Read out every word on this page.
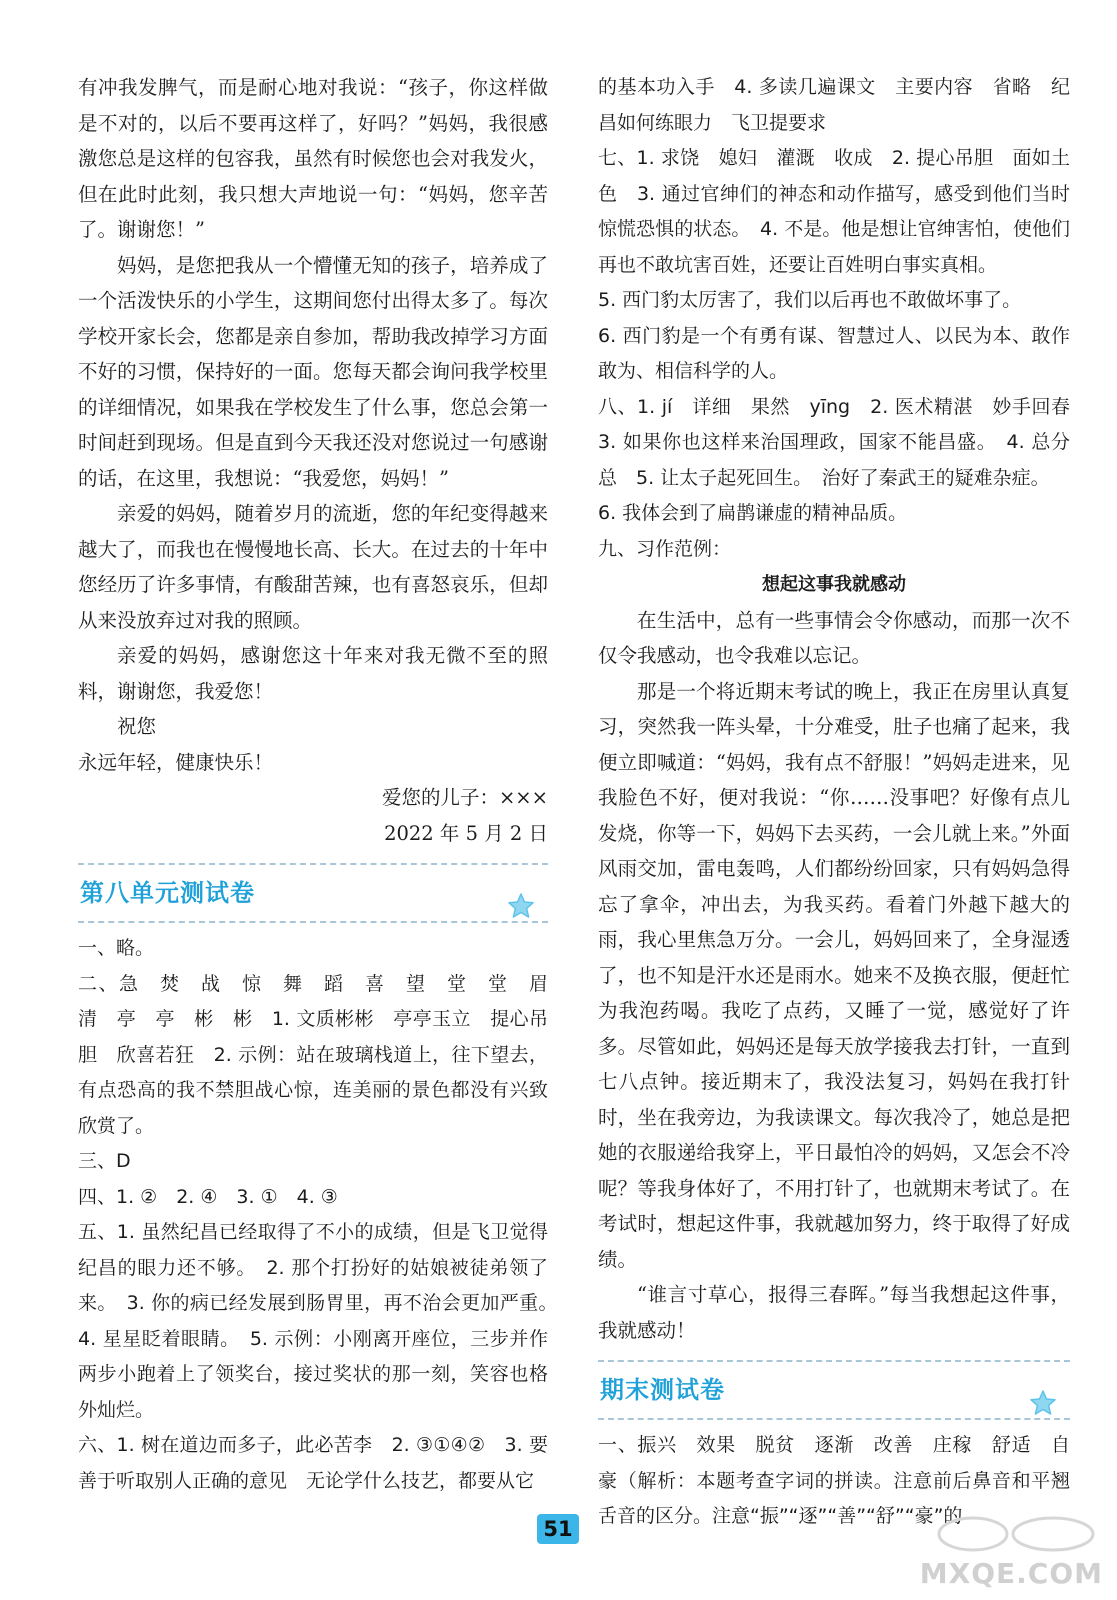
有冲我发脾气，而是耐心地对我说：“孩子，你这样做是不对的，以后不要再这样了，好吗？”妈妈，我很感激您总是这样的包容我，虽然有时候您也会对我发火，但在此时此刻，我只想大声地说一句：“妈妈，您辛苦了。谢谢您！”

妈妈，是您把我从一个懵懂无知的孩子，培养成了一个活泼快乐的小学生，这期间您付出得太多了。每次学校开家长会，您都是亲自参加，帮助我改掉学习方面不好的习惯，保持好的一面。您每天都会询问我学校里的详细情况，如果我在学校发生了什么事，您总会第一时间赶到现场。但是直到今天我还没对您说过一句感谢的话，在这里，我想说：“我爱您，妈妈！”

亲爱的妈妈，随着岁月的流逝，您的年纪变得越来越大了，而我也在慢慢地长高、长大。在过去的十年中您经历了许多事情，有酸甜苦辣，也有喜怒哀乐，但却从来没放弃过对我的照顾。

亲爱的妈妈，感谢您这十年来对我无微不至的照料，谢谢您，我爱您！

祝您

永远年轻，健康快乐！

爱您的儿子：×××

2022 年 5 月 2 日

第八单元测试卷

一、略。

二、急　焚　战　惊　舞　蹈　喜　望　堂　堂　眉　清　亭　亭　彬　彬　1. 文质彬彬　亭亭玉立　提心吊胆　欣喜若狂　2. 示例：站在玻璃栈道上，往下望去，有点恐高的我不禁胆战心惊，连美丽的景色都没有兴致欣赏了。

三、D

四、1. ②　2. ④　3. ①　4. ③

五、1. 虽然纪昌已经取得了不小的成绩，但是飞卫觉得纪昌的眼力还不够。　2. 那个打扮好的姑娘被徒弟领了来。　3. 你的病已经发展到肠胃里，再不治会更加严重。　4. 星星眨着眼睛。　5. 示例：小刚离开座位，三步并作两步小跑着上了领奖台，接过奖状的那一刻，笑容也格外灿烂。

六、1. 树在道边而多子，此必苦李　2. ③①④②　3. 要善于听取别人正确的意见　无论学什么技艺，都要从它

的基本功入手　4. 多读几遍课文　主要内容　省略　纪昌如何练眼力　飞卫提要求

七、1. 求饶　媳妇　灌溉　收成　2. 提心吊胆　面如土色　3. 通过官绅们的神态和动作描写，感受到他们当时惊慌恐惧的状态。　4. 不是。他是想让官绅害怕，使他们再也不敢坑害百姓，还要让百姓明白事实真相。

5. 西门豹太厉害了，我们以后再也不敢做坏事了。

6. 西门豹是一个有勇有谋、智慧过人、以民为本、敢作敢为、相信科学的人。

八、1. jí　详细　果然　yīng　2. 医术精湛　妙手回春　3. 如果你也这样来治国理政，国家不能昌盛。　4. 总分总　5. 让太子起死回生。　治好了秦武王的疑难杂症。

6. 我体会到了扁鹊谦虚的精神品质。

九、习作范例：

想起这事我就感动

在生活中，总有一些事情会令你感动，而那一次不仅令我感动，也令我难以忘记。

那是一个将近期末考试的晚上，我正在房里认真复习，突然我一阵头晕，十分难受，肚子也痛了起来，我便立即喊道：“妈妈，我有点不舒服！”妈妈走进来，见我脸色不好，便对我说：“你……没事吧？好像有点儿发烧，你等一下，妈妈下去买药，一会儿就上来。”外面风雨交加，雷电轰鸣，人们都纷纷回家，只有妈妈急得忘了拿伞，冲出去，为我买药。看着门外越下越大的雨，我心里焦急万分。一会儿，妈妈回来了，全身湿透了，也不知是汗水还是雨水。她来不及换衣服，便赶忙为我泡药喝。我吃了点药，又睡了一觉，感觉好了许多。尽管如此，妈妈还是每天放学接我去打针，一直到七八点钟。接近期末了，我没法复习，妈妈在我打针时，坐在我旁边，为我读课文。每次我冷了，她总是把她的衣服递给我穿上，平日最怕冷的妈妈，又怎会不冷呢？等我身体好了，不用打针了，也就期末考试了。在考试时，想起这件事，我就越加努力，终于取得了好成绩。

“谁言寸草心，报得三春晖。”每当我想起这件事，我就感动！

期末测试卷

一、振兴　效果　脱贫　逐渐　改善　庄稼　舒适　自豪（解析：本题考查字词的拼读。注意前后鼻音和平翘舌音的区分。注意“振”“逐”“善”“舒”“豪”的

51
MXQE.COM
